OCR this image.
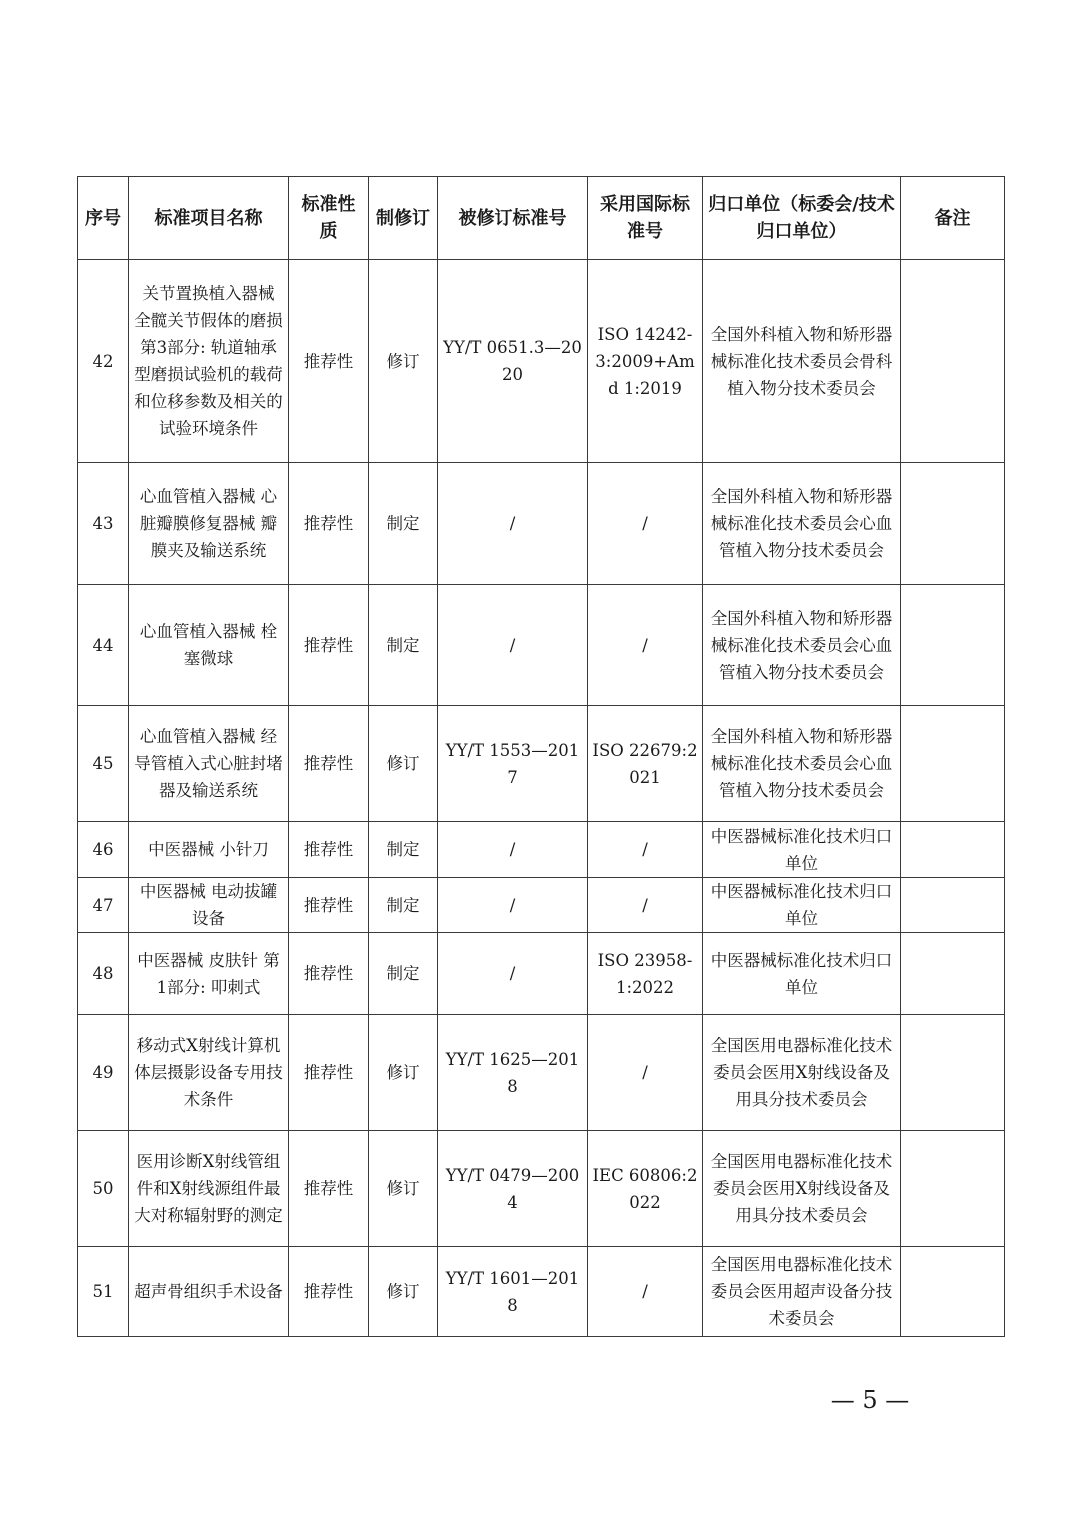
序号	标准项目名称	标准性质	制修订	被修订标准号	采用国际标准号	归口单位（标委会/技术归口单位）	备注
42	关节置换植入器械 全髋关节假体的磨损 第3部分: 轨道轴承型磨损试验机的载荷和位移参数及相关的试验环境条件	推荐性	修订	YY/T 0651.3—2020	ISO 14242-3:2009+Amd 1:2019	全国外科植入物和矫形器械标准化技术委员会骨科植入物分技术委员会	
43	心血管植入器械 心脏瓣膜修复器械 瓣膜夹及输送系统	推荐性	制定	/	/	全国外科植入物和矫形器械标准化技术委员会心血管植入物分技术委员会	
44	心血管植入器械 栓塞微球	推荐性	制定	/	/	全国外科植入物和矫形器械标准化技术委员会心血管植入物分技术委员会	
45	心血管植入器械 经导管植入式心脏封堵器及输送系统	推荐性	修订	YY/T 1553—2017	ISO 22679:2021	全国外科植入物和矫形器械标准化技术委员会心血管植入物分技术委员会	
46	中医器械 小针刀	推荐性	制定	/	/	中医器械标准化技术归口单位	
47	中医器械 电动拔罐设备	推荐性	制定	/	/	中医器械标准化技术归口单位	
48	中医器械 皮肤针 第1部分: 叩刺式	推荐性	制定	/	ISO 23958-1:2022	中医器械标准化技术归口单位	
49	移动式X射线计算机体层摄影设备专用技术条件	推荐性	修订	YY/T 1625—2018	/	全国医用电器标准化技术委员会医用X射线设备及用具分技术委员会	
50	医用诊断X射线管组件和X射线源组件最大对称辐射野的测定	推荐性	修订	YY/T 0479—2004	IEC 60806:2022	全国医用电器标准化技术委员会医用X射线设备及用具分技术委员会	
51	超声骨组织手术设备	推荐性	修订	YY/T 1601—2018	/	全国医用电器标准化技术委员会医用超声设备分技术委员会	
— 5 —
